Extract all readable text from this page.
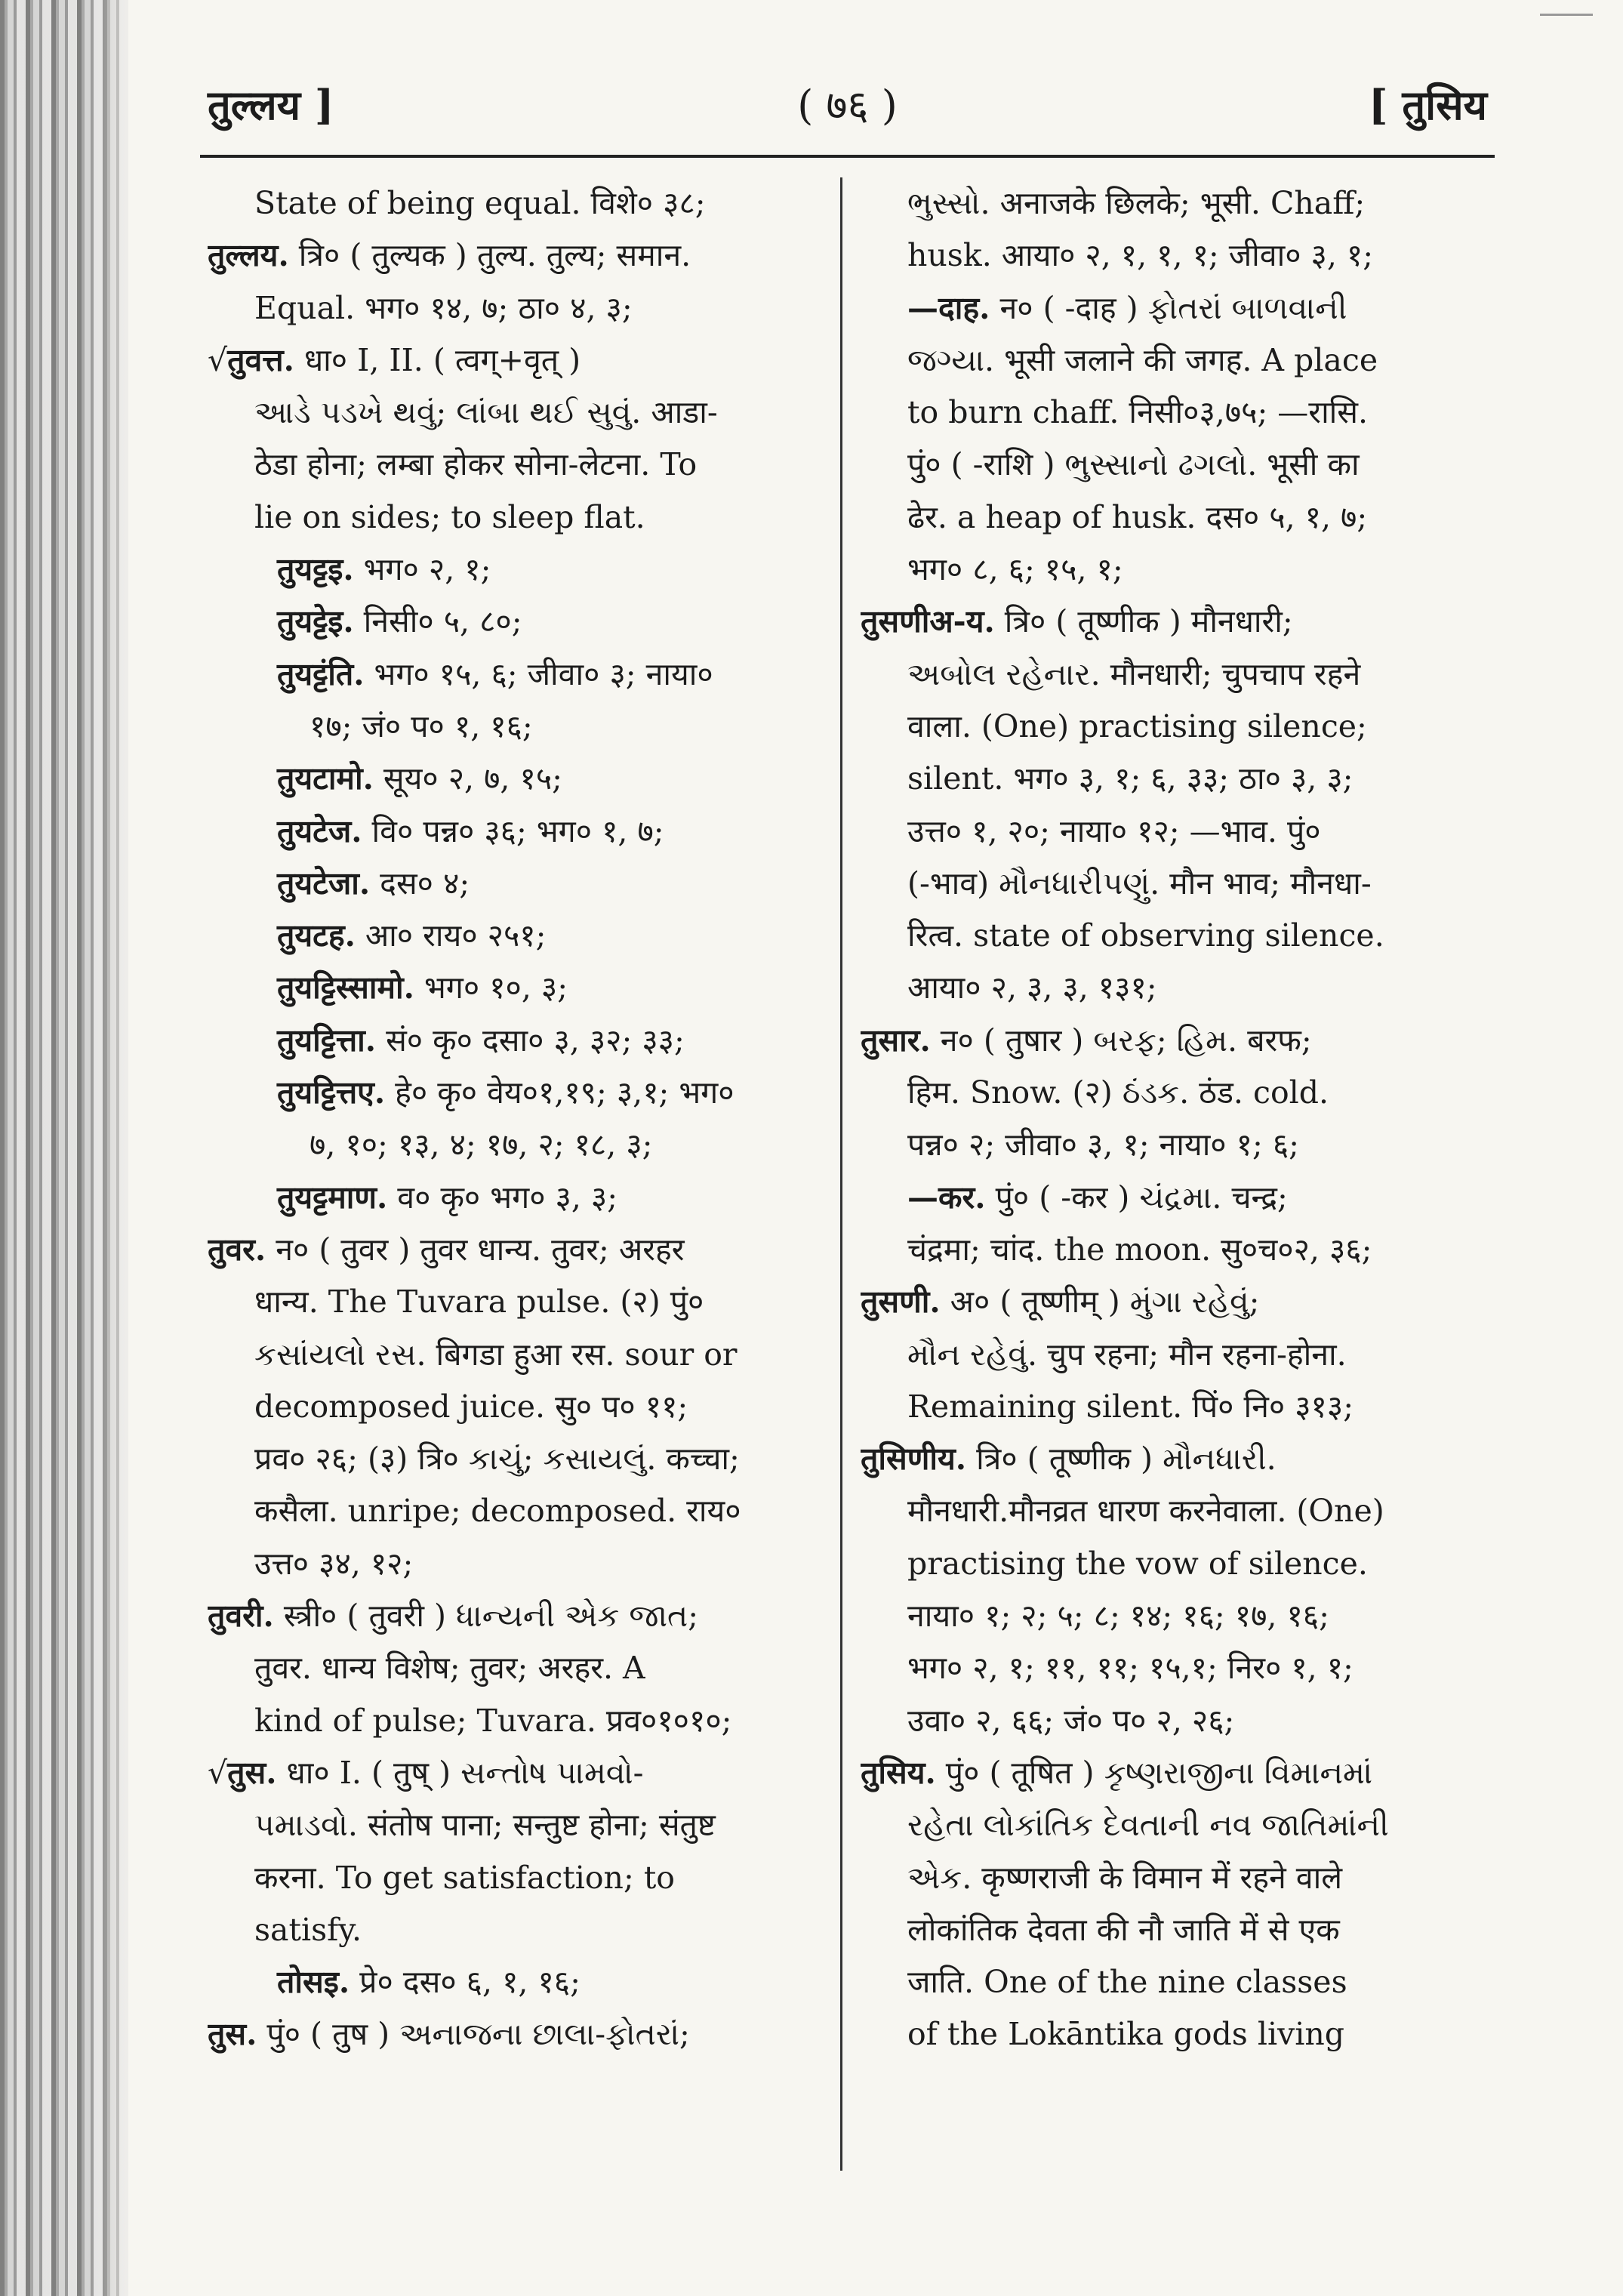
तुल्लय ]	( ७६ )	[ तुसिय
State of being equal. विशे० ३८;
तुल्लय. त्रि० ( तुल्यक ) तुल्य. तुल्य; समान.
Equal. भग० १४, ७; ठा० ४, ३;
√तुवत्त. धा० I, II. ( त्वग्+वृत् )
આડે પડખે થવું; લાંબા થઈ સુવું. आडा-
ठेडा होना; लम्बा होकर सोना-लेटना. To
lie on sides; to sleep flat.
तुयट्टइ. भग० २, १;
तुयट्टेइ. निसी० ५, ८०;
तुयट्टंति. भग० १५, ६; जीवा० ३; नाया०
१७; जं० प० १, १६;
तुयटामो. सूय० २, ७, १५;
तुयटेज. वि० पन्न० ३६; भग० १, ७;
तुयटेजा. दस० ४;
तुयटह. आ० राय० २५१;
तुयट्टिस्सामो. भग० १०, ३;
तुयट्टित्ता. सं० कृ० दसा० ३, ३२; ३३;
तुयट्टित्तए. हे० कृ० वेय०१,१९; ३,१; भग०
७, १०; १३, ४; १७, २; १८, ३;
तुयट्टमाण. व० कृ० भग० ३, ३;
तुवर. न० ( तुवर ) तुवर धान्य. तुवर; अरहर
धान्य. The Tuvara pulse. (२) पुं०
કસાંયલો રસ. बिगडा हुआ रस. sour or
decomposed juice. सु० प० ११;
प्रव० २६; (३) त्रि० કાચું; કસાયલું. कच्चा;
कसैला. unripe; decomposed. राय०
उत्त० ३४, १२;
तुवरी. स्त्री० ( तुवरी ) ધાન્યની એક જાત;
तुवर. धान्य विशेष; तुवर; अरहर. A
kind of pulse; Tuvara. प्रव०१०१०;
√तुस. धा० I. ( तुष् ) સન્તોષ પામવો-
પમાડવો. संतोष पाना; सन्तुष्ट होना; संतुष्ट
करना. To get satisfaction; to
satisfy.
तोसइ. प्रे० दस० ६, १, १६;
तुस. पुं० ( तुष ) અનાજના છાલા-ફોતરાં;
ભુસ્સો. अनाजके छिलके; भूसी. Chaff;
husk. आया० २, १, १, १; जीवा० ३, १;
—दाह. न० ( -दाह ) ફોતરાં બાળવાની
જગ્યા. भूसी जलाने की जगह. A place
to burn chaff. निसी०३,७५; —रासि.
पुं० ( -राशि ) ભુસ્સાનો ઢગલો. भूसी का
ढेर. a heap of husk. दस० ५, १, ७;
भग० ८, ६; १५, १;
तुसणीअ-य. त्रि० ( तूष्णीक ) मौनधारी;
અબોલ રહેનાર. मौनधारी; चुपचाप रहने
वाला. (One) practising silence;
silent. भग० ३, १; ६, ३३; ठा० ३, ३;
उत्त० १, २०; नाया० १२; —भाव. पुं०
(-भाव) મૌનધારીપણું. मौन भाव; मौनधा-
रित्व. state of observing silence.
आया० २, ३, ३, १३१;
तुसार. न० ( तुषार ) બરફ; હિમ. बरफ;
हिम. Snow. (२) ઠંડક. ठंड. cold.
पन्न० २; जीवा० ३, १; नाया० १; ६;
—कर. पुं० ( -कर ) ચંદ્રમા. चन्द्र;
चंद्रमा; चांद. the moon. सु०च०२, ३६;
तुसणी. अ० ( तूष्णीम् ) મુંગા રહેવું;
મૌન રહેવું. चुप रहना; मौन रहना-होना.
Remaining silent. पिं० नि० ३१३;
तुसिणीय. त्रि० ( तूष्णीक ) મૌનધારી.
मौनधारी.मौनव्रत धारण करनेवाला. (One)
practising the vow of silence.
नाया० १; २; ५; ८; १४; १६; १७, १६;
भग० २, १; ११, ११; १५,१; निर० १, १;
उवा० २, ६६; जं० प० २, २६;
तुसिय. पुं० ( तूषित ) કૃષ્ણરાજીના વિમાનમાં
રહેતા લોકાંતિક દેવતાની નવ જાતિમાંની
એક. कृष्णराजी के विमान में रहने वाले
लोकांतिक देवता की नौ जाति में से एक
जाति. One of the nine classes
of the Lokāntika gods living
